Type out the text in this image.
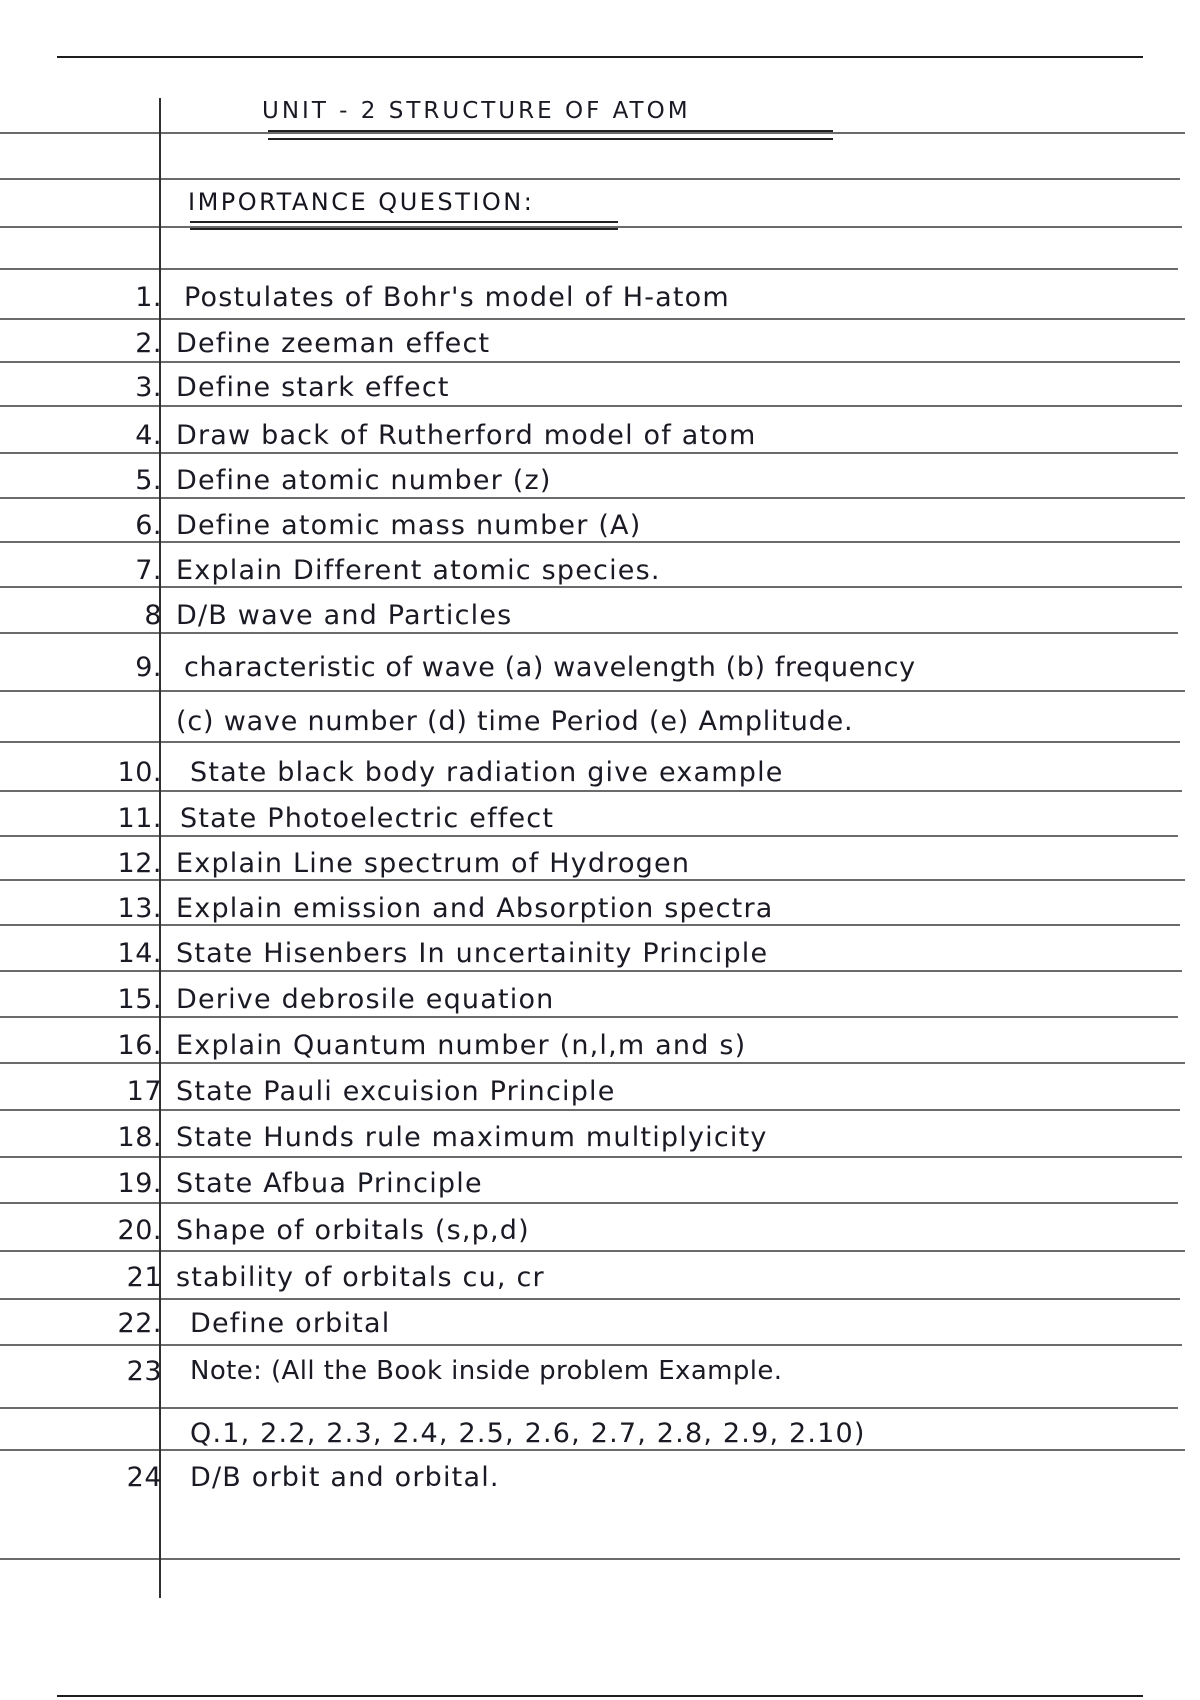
UNIT - 2 STRUCTURE OF ATOM
IMPORTANCE QUESTION:
1. Postulates of Bohr's model of H-atom
2. Define zeeman effect
3. Define stark effect
4. Draw back of Rutherford model of atom
5. Define atomic number (z)
6. Define atomic mass number (A)
7. Explain Different atomic species.
8 D/B wave and Particles
9. characteristic of wave (a) wavelength (b) frequency
(c) wave number (d) time Period (e) Amplitude.
10. State black body radiation give example
11. State Photoelectric effect
12. Explain Line spectrum of Hydrogen
13. Explain emission and Absorption spectra
14. State Hisenbers In uncertainity Principle
15. Derive debrosile equation
16. Explain Quantum number (n,l,m and s)
17 State Pauli excuision Principle
18. State Hunds rule maximum multiplyicity
19. State Afbua Principle
20. Shape of orbitals (s,p,d)
21 stability of orbitals cu, cr
22. Define orbital
23 Note: (All the Book inside problem Example.
Q.1, 2.2, 2.3, 2.4, 2.5, 2.6, 2.7, 2.8, 2.9, 2.10)
24 D/B orbit and orbital.
